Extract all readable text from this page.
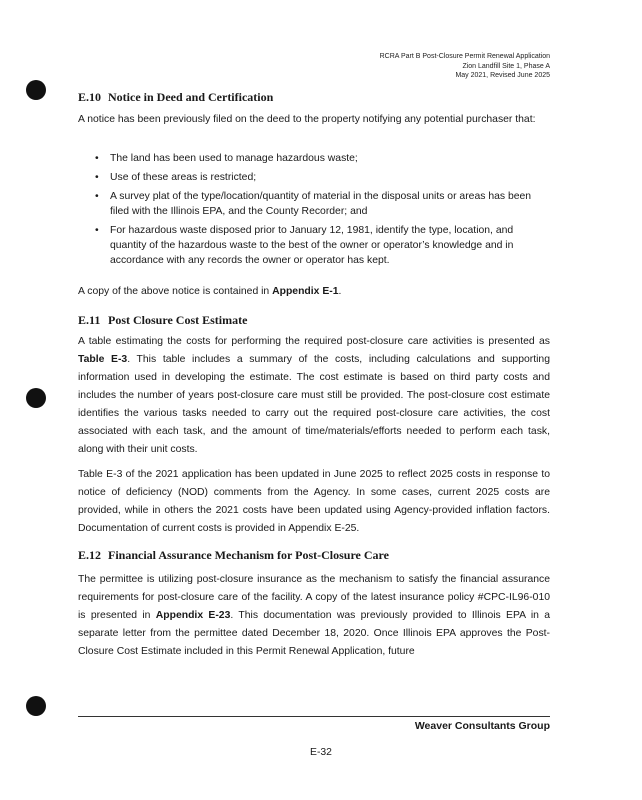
RCRA Part B Post-Closure Permit Renewal Application
Zion Landfill Site 1, Phase A
May 2021, Revised June 2025
E.10 Notice in Deed and Certification
A notice has been previously filed on the deed to the property notifying any potential purchaser that:
• The land has been used to manage hazardous waste;
• Use of these areas is restricted;
• A survey plat of the type/location/quantity of material in the disposal units or areas has been filed with the Illinois EPA, and the County Recorder; and
• For hazardous waste disposed prior to January 12, 1981, identify the type, location, and quantity of the hazardous waste to the best of the owner or operator’s knowledge and in accordance with any records the owner or operator has kept.
A copy of the above notice is contained in Appendix E-1.
E.11 Post Closure Cost Estimate
A table estimating the costs for performing the required post-closure care activities is presented as Table E-3. This table includes a summary of the costs, including calculations and supporting information used in developing the estimate. The cost estimate is based on third party costs and includes the number of years post-closure care must still be provided. The post-closure cost estimate identifies the various tasks needed to carry out the required post-closure care activities, the cost associated with each task, and the amount of time/materials/efforts needed to perform each task, along with their unit costs.
Table E-3 of the 2021 application has been updated in June 2025 to reflect 2025 costs in response to notice of deficiency (NOD) comments from the Agency. In some cases, current 2025 costs are provided, while in others the 2021 costs have been updated using Agency-provided inflation factors. Documentation of current costs is provided in Appendix E-25.
E.12 Financial Assurance Mechanism for Post-Closure Care
The permittee is utilizing post-closure insurance as the mechanism to satisfy the financial assurance requirements for post-closure care of the facility. A copy of the latest insurance policy #CPC-IL96-010 is presented in Appendix E-23. This documentation was previously provided to Illinois EPA in a separate letter from the permittee dated December 18, 2020. Once Illinois EPA approves the Post-Closure Cost Estimate included in this Permit Renewal Application, future
Weaver Consultants Group
E-32
